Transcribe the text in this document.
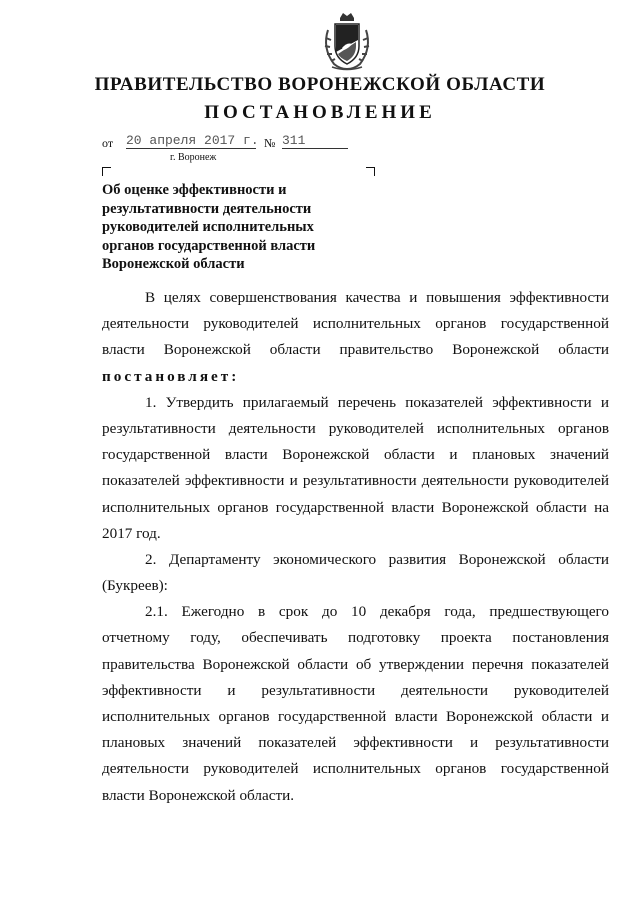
ПРАВИТЕЛЬСТВО ВОРОНЕЖСКОЙ ОБЛАСТИ
ПОСТАНОВЛЕНИЕ
от 20 апреля 2017 г. № 311
г. Воронеж
Об оценке эффективности и
результативности деятельности
руководителей исполнительных
органов государственной власти
Воронежской области
В целях совершенствования качества и повышения эффективности
деятельности руководителей исполнительных органов государственной
власти Воронежской области правительство Воронежской области
постановляет:
1. Утвердить прилагаемый перечень показателей эффективности и
результативности деятельности руководителей исполнительных органов
государственной власти Воронежской области и плановых значений
показателей эффективности и результативности деятельности руководителей
исполнительных органов государственной власти Воронежской области на
2017 год.
2. Департаменту экономического развития Воронежской области
(Букреев):
2.1. Ежегодно в срок до 10 декабря года, предшествующего
отчетному году, обеспечивать подготовку проекта постановления
правительства Воронежской области об утверждении перечня показателей
эффективности и результативности деятельности руководителей
исполнительных органов государственной власти Воронежской области и
плановых значений показателей эффективности и результативности
деятельности руководителей исполнительных органов государственной
власти Воронежской области.
